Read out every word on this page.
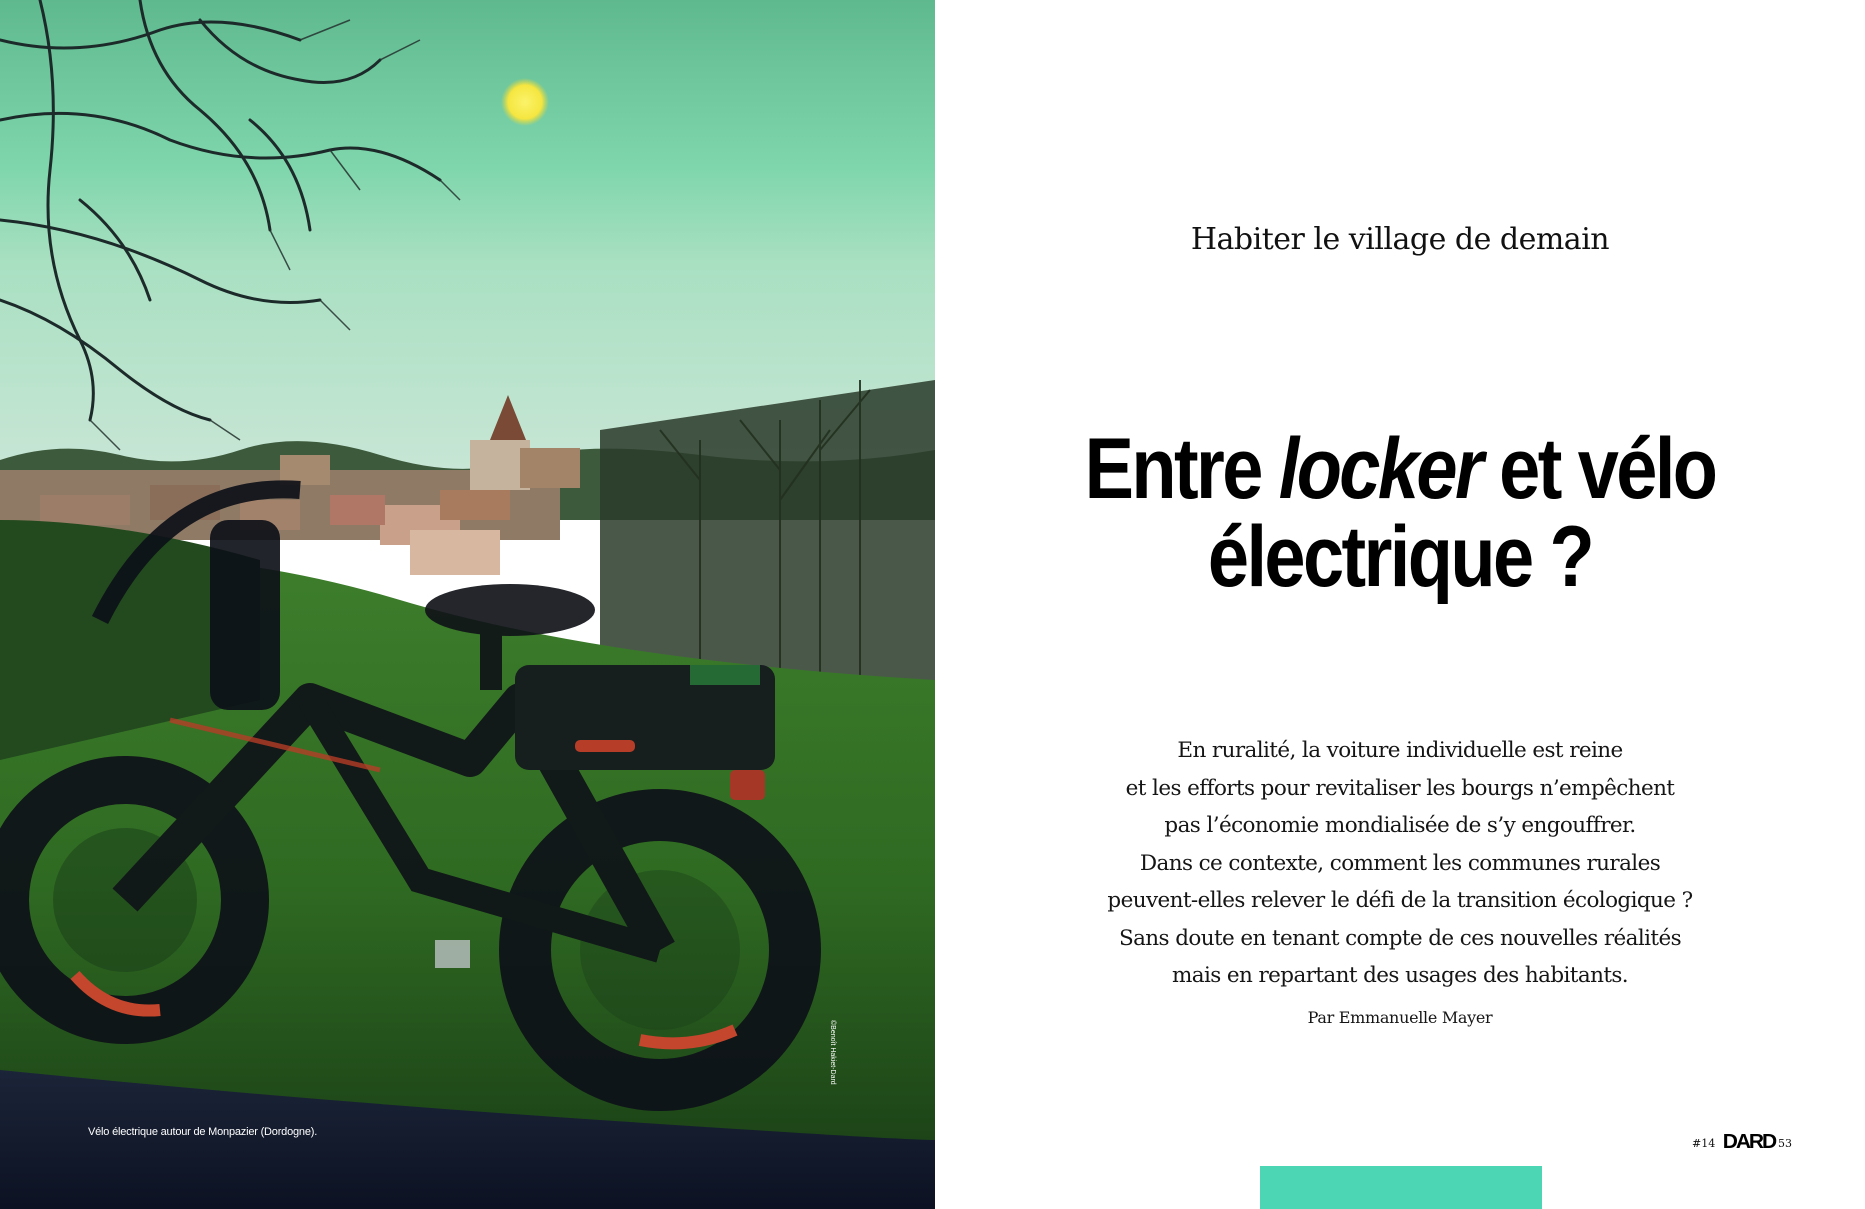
Vélo électrique autour de Monpazier (Dordogne).
©Benoît Hakiet-Dard
Habiter le village de demain
Entre locker et vélo
électrique ?
En ruralité, la voiture individuelle est reine
et les efforts pour revitaliser les bourgs n’empêchent
pas l’économie mondialisée de s’y engouffrer.
Dans ce contexte, comment les communes rurales
peuvent-elles relever le défi de la transition écologique ?
Sans doute en tenant compte de ces nouvelles réalités
mais en repartant des usages des habitants.
Par Emmanuelle Mayer
#14 DARD 53
